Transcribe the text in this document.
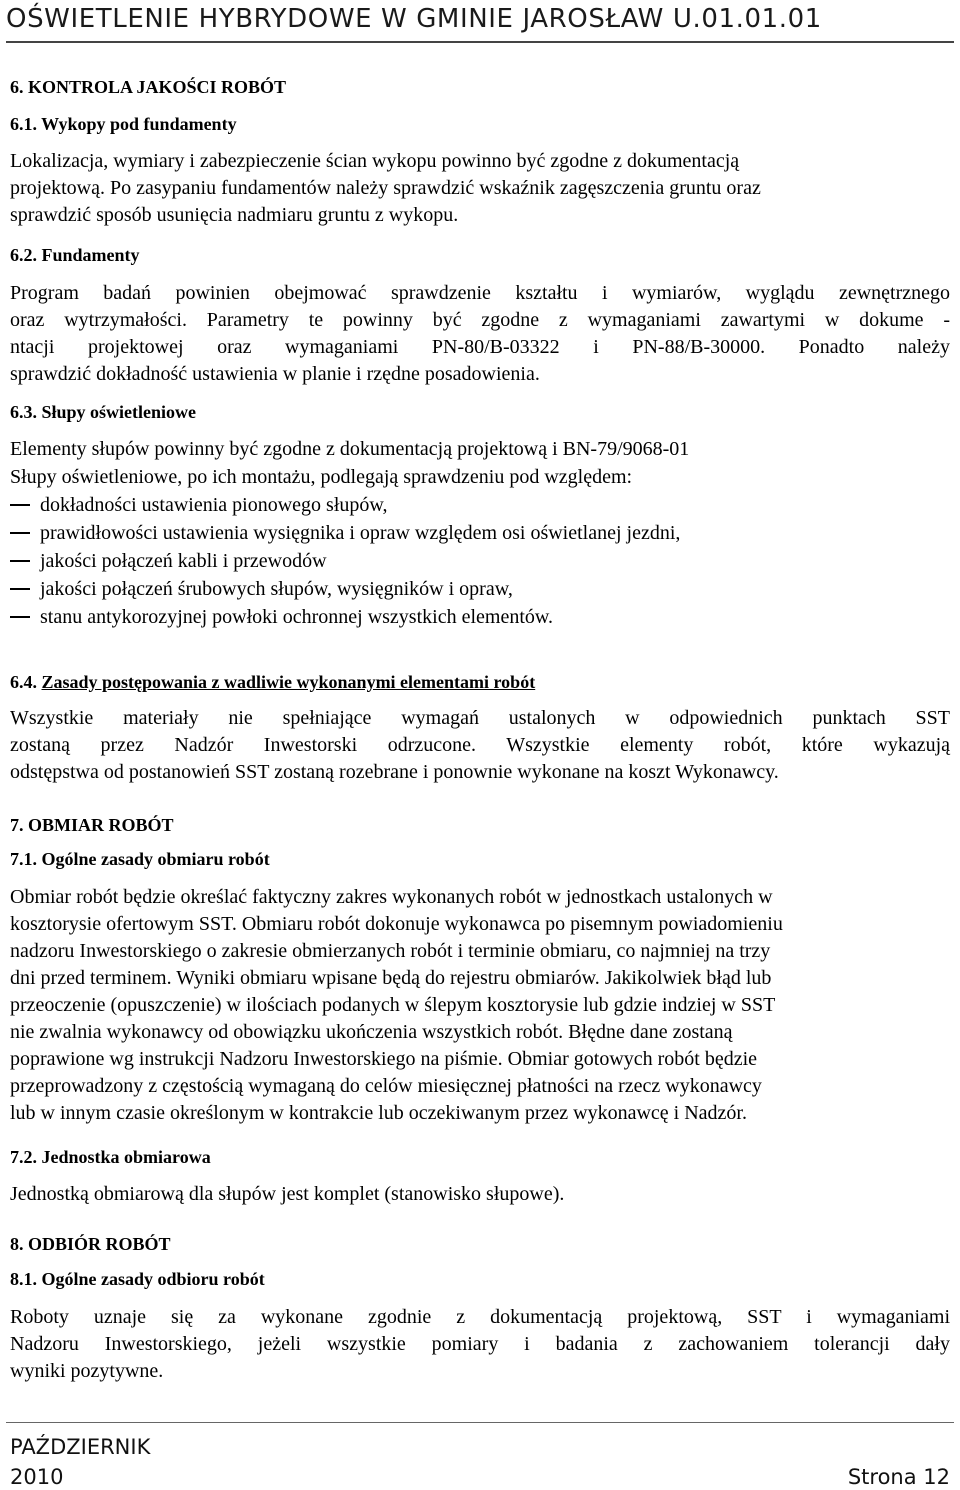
OŚWIETLENIE HYBRYDOWE W GMINIE JAROSŁAW U.01.01.01
6. KONTROLA JAKOŚCI ROBÓT
6.1. Wykopy pod fundamenty
Lokalizacja, wymiary i zabezpieczenie ścian wykopu powinno być zgodne z dokumentacją
projektową. Po zasypaniu fundamentów należy sprawdzić wskaźnik zagęszczenia gruntu oraz
sprawdzić sposób usunięcia nadmiaru gruntu z wykopu.
6.2. Fundamenty
Program badań powinien obejmować sprawdzenie kształtu i wymiarów, wyglądu zewnętrznego
oraz wytrzymałości. Parametry te powinny być zgodne z wymaganiami zawartymi w dokume -
ntacji projektowej oraz wymaganiami PN-80/B-03322 i PN-88/B-30000. Ponadto należy
sprawdzić dokładność ustawienia w planie i rzędne posadowienia.
6.3. Słupy oświetleniowe
Elementy słupów powinny być zgodne z dokumentacją projektową i BN-79/9068-01
Słupy oświetleniowe, po ich montażu, podlegają sprawdzeniu pod względem:
dokładności ustawienia pionowego słupów,
prawidłowości ustawienia wysięgnika i opraw względem osi oświetlanej jezdni,
jakości połączeń kabli i przewodów
jakości połączeń śrubowych słupów, wysięgników i opraw,
stanu antykorozyjnej powłoki ochronnej wszystkich elementów.
6.4. Zasady postępowania z wadliwie wykonanymi elementami robót
Wszystkie materiały nie spełniające wymagań ustalonych w odpowiednich punktach SST
zostaną przez Nadzór Inwestorski odrzucone. Wszystkie elementy robót, które wykazują
odstępstwa od postanowień SST zostaną rozebrane i ponownie wykonane na koszt Wykonawcy.
7. OBMIAR ROBÓT
7.1. Ogólne zasady obmiaru robót
Obmiar robót będzie określać faktyczny zakres wykonanych robót w jednostkach ustalonych w
kosztorysie ofertowym SST. Obmiaru robót dokonuje wykonawca po pisemnym powiadomieniu
nadzoru Inwestorskiego o zakresie obmierzanych robót i terminie obmiaru, co najmniej na trzy
dni przed terminem. Wyniki obmiaru wpisane będą do rejestru obmiarów. Jakikolwiek błąd lub
przeoczenie (opuszczenie) w ilościach podanych w ślepym kosztorysie lub gdzie indziej w SST
nie zwalnia wykonawcy od obowiązku ukończenia wszystkich robót. Błędne dane zostaną
poprawione wg instrukcji Nadzoru Inwestorskiego na piśmie. Obmiar gotowych robót będzie
przeprowadzony z częstością wymaganą do celów miesięcznej płatności na rzecz wykonawcy
lub w innym czasie określonym w kontrakcie lub oczekiwanym przez wykonawcę i Nadzór.
7.2. Jednostka obmiarowa
Jednostką obmiarową dla słupów jest komplet (stanowisko słupowe).
8. ODBIÓR ROBÓT
8.1. Ogólne zasady odbioru robót
Roboty uznaje się za wykonane zgodnie z dokumentacją projektową, SST i wymaganiami
Nadzoru Inwestorskiego, jeżeli wszystkie pomiary i badania z zachowaniem tolerancji dały
wyniki pozytywne.
PAŹDZIERNIK
2010	Strona 12
